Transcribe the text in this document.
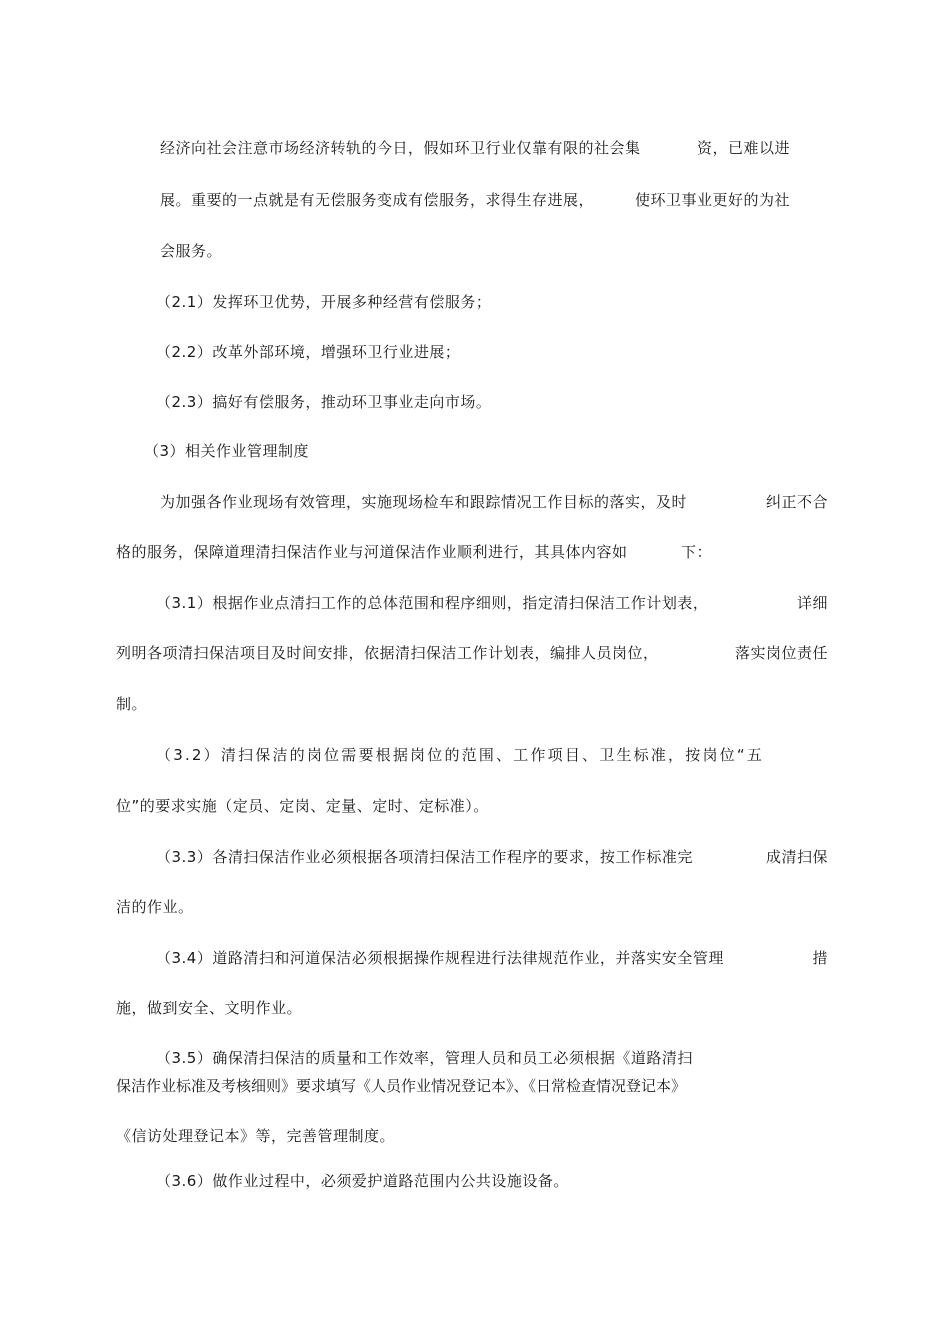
经济向社会注意市场经济转轨的今日，假如环卫行业仅靠有限的社会集	资，已难以进
展。重要的一点就是有无偿服务变成有偿服务，求得生存进展，	使环卫事业更好的为社
会服务。
（2.1）发挥环卫优势，开展多种经营有偿服务；
（2.2）改革外部环境，增强环卫行业进展；
（2.3）搞好有偿服务，推动环卫事业走向市场。
（3）相关作业管理制度
为加强各作业现场有效管理，实施现场检车和跟踪情况工作目标的落实，及时	纠正不合
格的服务，保障道理清扫保洁作业与河道保洁作业顺利进行，其具体内容如	下：
（3.1）根据作业点清扫工作的总体范围和程序细则，指定清扫保洁工作计划表，	详细
列明各项清扫保洁项目及时间安排，依据清扫保洁工作计划表，编排人员岗位，	落实岗位责任
制。
（3.2）清扫保洁的岗位需要根据岗位的范围、工作项目、卫生标准，按岗位“五
位”的要求实施（定员、定岗、定量、定时、定标准）。
（3.3）各清扫保洁作业必须根据各项清扫保洁工作程序的要求，按工作标准完	成清扫保
洁的作业。
（3.4）道路清扫和河道保洁必须根据操作规程进行法律规范作业，并落实安全管理	措
施，做到安全、文明作业。
（3.5）确保清扫保洁的质量和工作效率，管理人员和员工必须根据《道路清扫
保洁作业标准及考核细则》要求填写《人员作业情况登记本》、《日常检查情况登记本》
《信访处理登记本》等，完善管理制度。
（3.6）做作业过程中，必须爱护道路范围内公共设施设备。
